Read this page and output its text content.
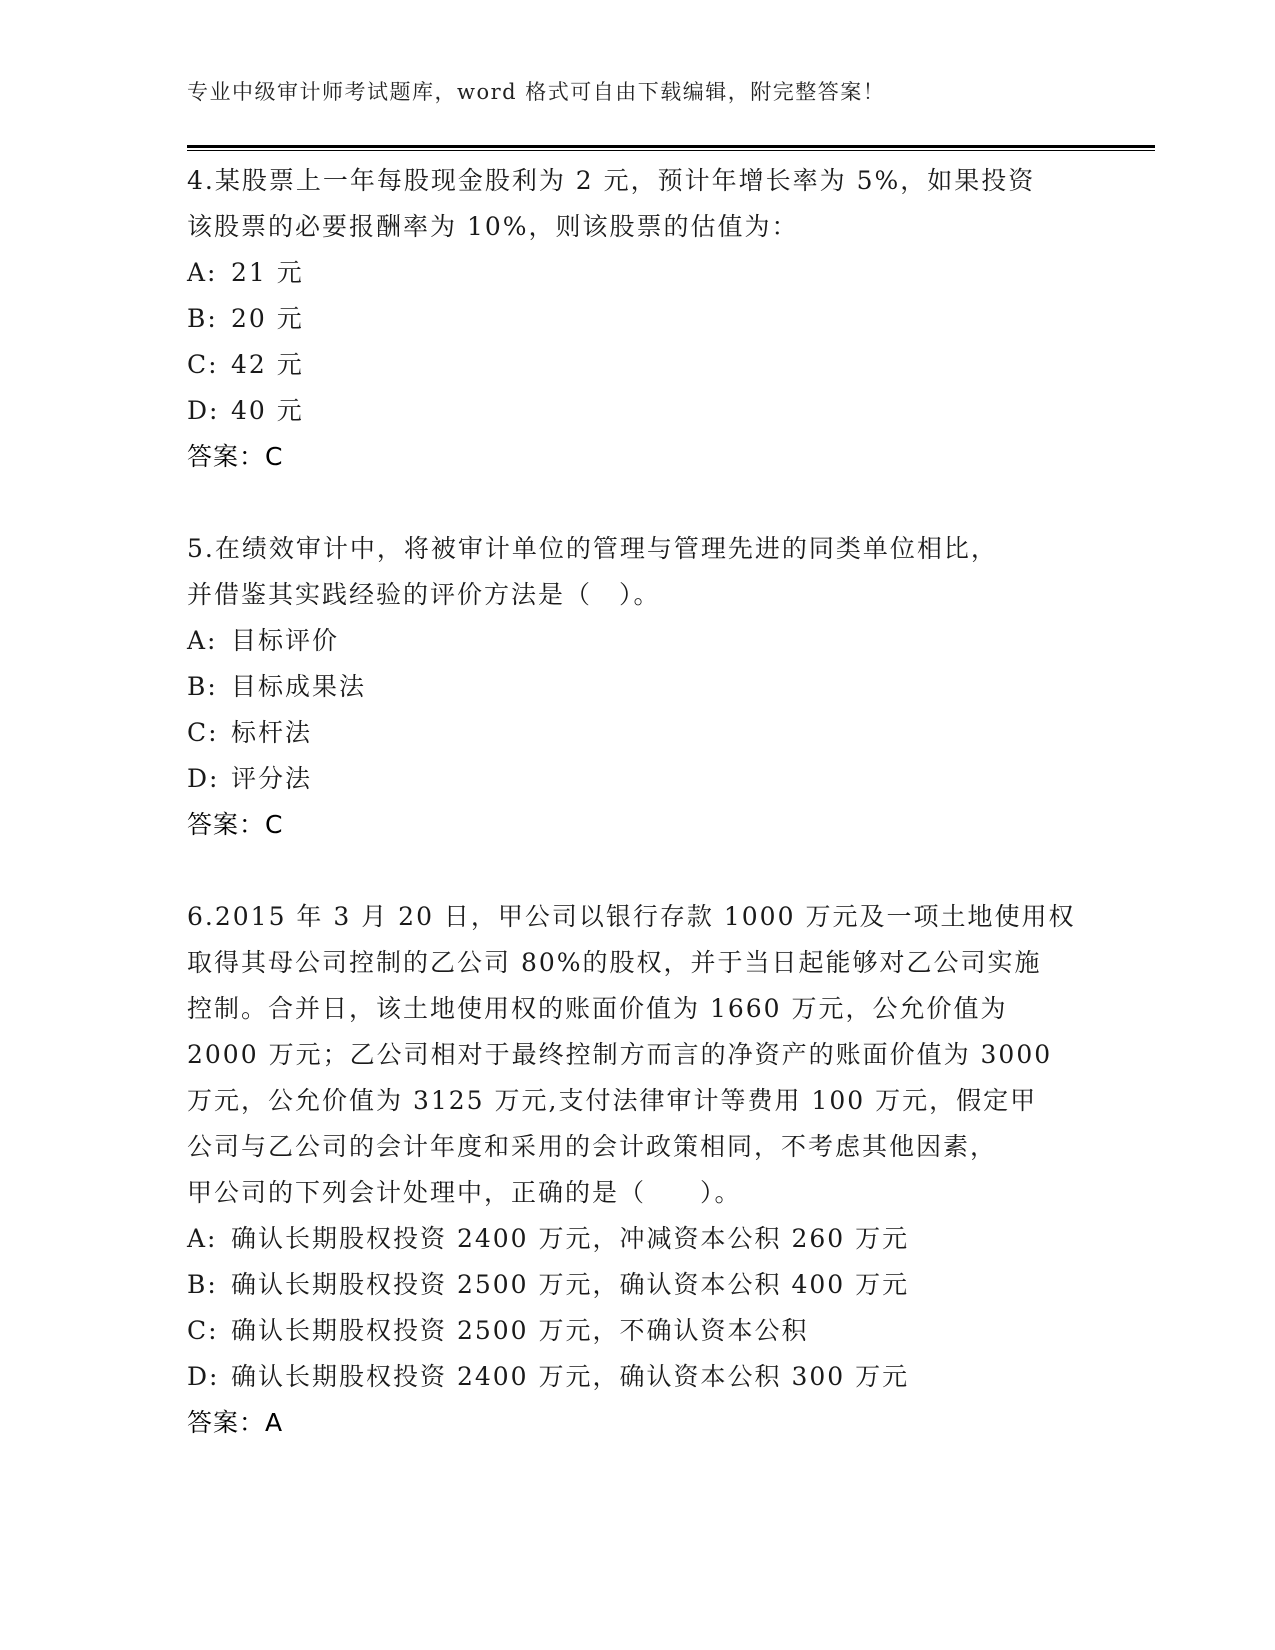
专业中级审计师考试题库，word 格式可自由下载编辑，附完整答案！
4.某股票上一年每股现金股利为 2 元，预计年增长率为 5%，如果投资
该股票的必要报酬率为 10%，则该股票的估值为：
A: 21 元
B: 20 元
C: 42 元
D: 40 元
答案：C
5.在绩效审计中，将被审计单位的管理与管理先进的同类单位相比，
并借鉴其实践经验的评价方法是（　）。
A: 目标评价
B: 目标成果法
C: 标杆法
D: 评分法
答案：C
6.2015 年 3 月 20 日，甲公司以银行存款 1000 万元及一项土地使用权
取得其母公司控制的乙公司 80%的股权，并于当日起能够对乙公司实施
控制。合并日，该土地使用权的账面价值为 1660 万元，公允价值为
2000 万元；乙公司相对于最终控制方而言的净资产的账面价值为 3000
万元，公允价值为 3125 万元,支付法律审计等费用 100 万元，假定甲
公司与乙公司的会计年度和采用的会计政策相同，不考虑其他因素，
甲公司的下列会计处理中，正确的是（　　）。
A: 确认长期股权投资 2400 万元，冲减资本公积 260 万元
B: 确认长期股权投资 2500 万元，确认资本公积 400 万元
C: 确认长期股权投资 2500 万元，不确认资本公积
D: 确认长期股权投资 2400 万元，确认资本公积 300 万元
答案：A
